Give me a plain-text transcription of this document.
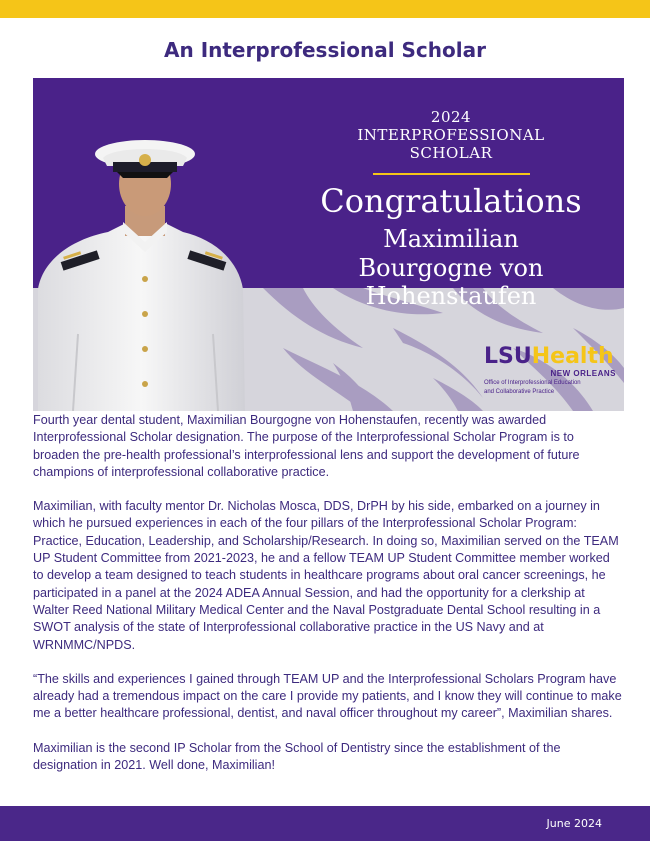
An Interprofessional Scholar
2024
INTERPROFESSIONAL
SCHOLAR
Congratulations
Maximilian
Bourgogne von Hohenstaufen
LSUHealth
NEW ORLEANS
Office of Interprofessional Education
and Collaborative Practice

Fourth year dental student, Maximilian Bourgogne von Hohenstaufen, recently was awarded Interprofessional Scholar designation. The purpose of the Interprofessional Scholar Program is to broaden the pre-health professional’s interprofessional lens and support the development of future champions of interprofessional collaborative practice.

Maximilian, with faculty mentor Dr. Nicholas Mosca, DDS, DrPH by his side, embarked on a journey in which he pursued experiences in each of the four pillars of the Interprofessional Scholar Program: Practice, Education, Leadership, and Scholarship/Research. In doing so, Maximilian served on the TEAM UP Student Committee from 2021-2023, he and a fellow TEAM UP Student Committee member worked to develop a team designed to teach students in healthcare programs about oral cancer screenings, he participated in a panel at the 2024 ADEA Annual Session, and had the opportunity for a clerkship at Walter Reed National Military Medical Center and the Naval Postgraduate Dental School resulting in a SWOT analysis of the state of Interprofessional collaborative practice in the US Navy and at WRNMMC/NPDS.

“The skills and experiences I gained through TEAM UP and the Interprofessional Scholars Program have already had a tremendous impact on the care I provide my patients, and I know they will continue to make me a better healthcare professional, dentist, and naval officer throughout my career”, Maximilian shares.

Maximilian is the second IP Scholar from the School of Dentistry since the establishment of the designation in 2021. Well done, Maximilian!

June 2024
